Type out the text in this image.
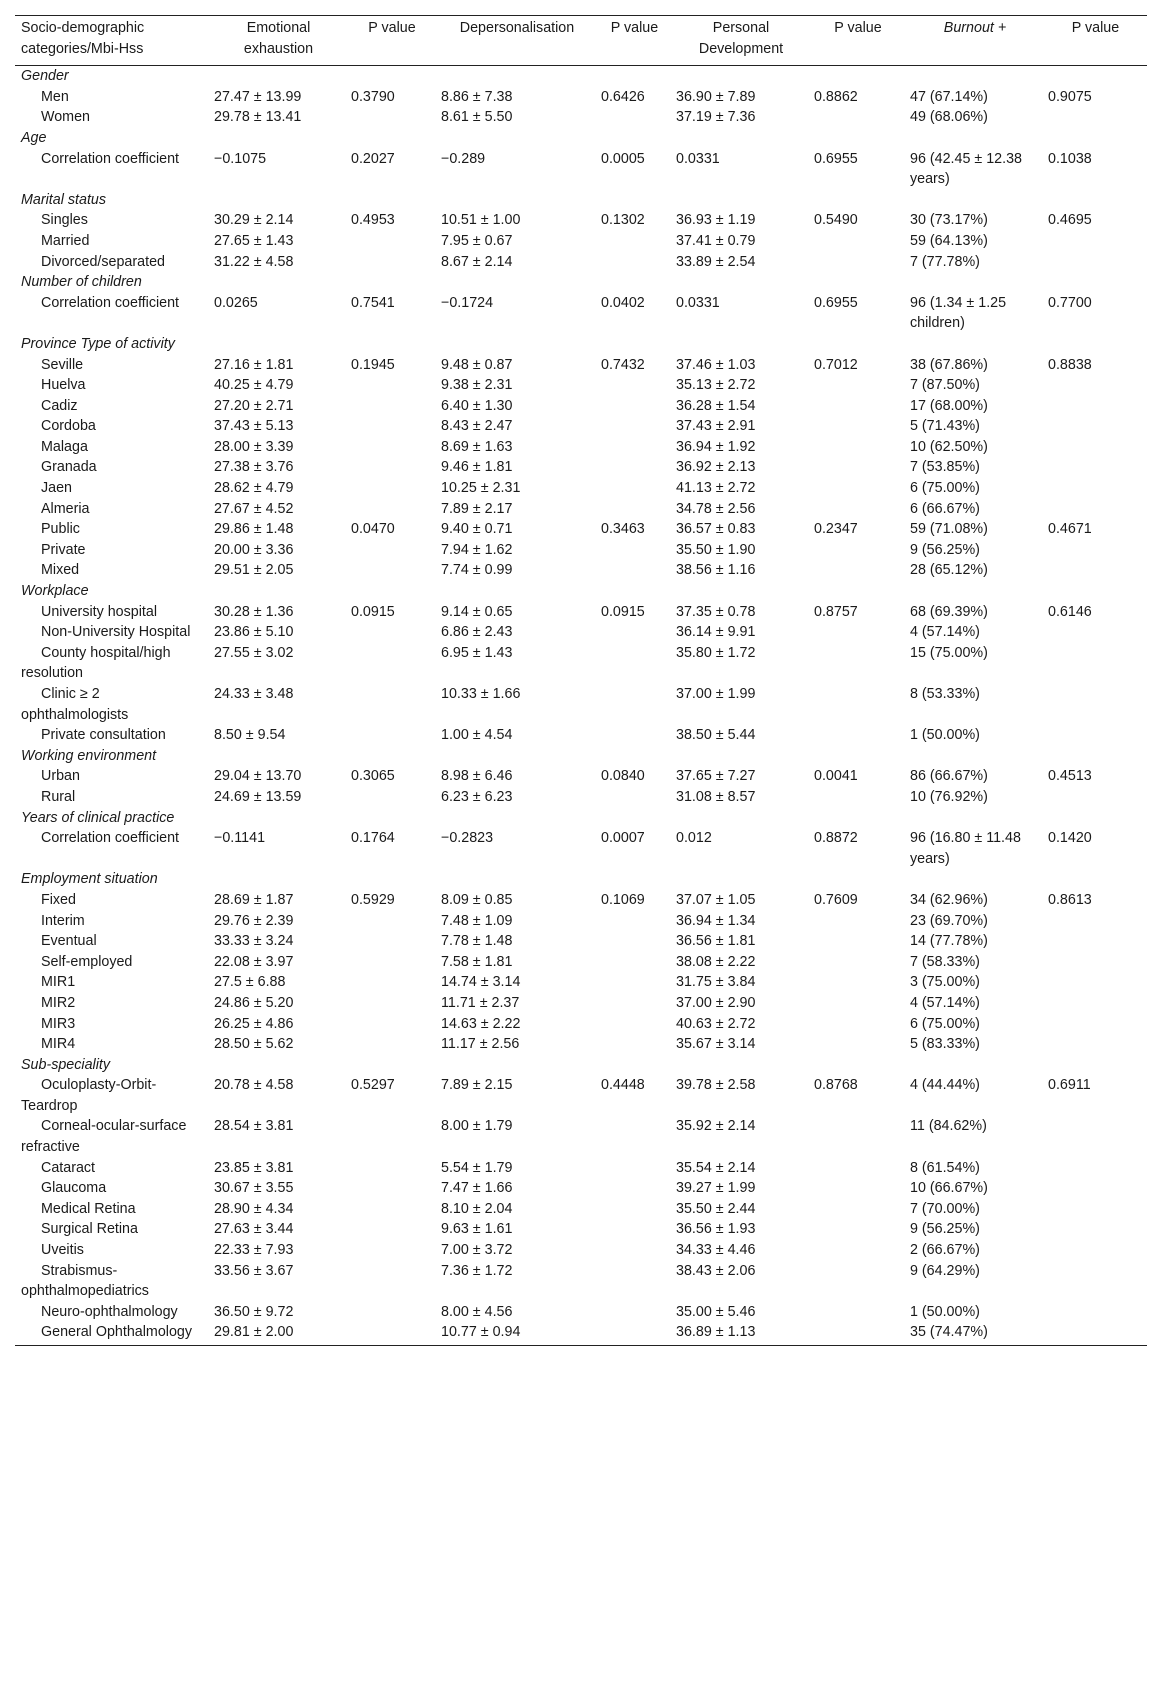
Socio-demographic categories/Mbi-Hss	Emotional exhaustion	P value	Depersonalisation	P value	Personal Development	P value	Burnout +	P value
Gender								
Men	27.47 ± 13.99	0.3790	8.86 ± 7.38	0.6426	36.90 ± 7.89	0.8862	47 (67.14%)	0.9075
Women	29.78 ± 13.41		8.61 ± 5.50		37.19 ± 7.36		49 (68.06%)	
Age								
Correlation coefficient	−0.1075	0.2027	−0.289	0.0005	0.0331	0.6955	96 (42.45 ± 12.38 years)	0.1038
Marital status								
Singles	30.29 ± 2.14	0.4953	10.51 ± 1.00	0.1302	36.93 ± 1.19	0.5490	30 (73.17%)	0.4695
Married	27.65 ± 1.43		7.95 ± 0.67		37.41 ± 0.79		59 (64.13%)	
Divorced/separated	31.22 ± 4.58		8.67 ± 2.14		33.89 ± 2.54		7 (77.78%)	
Number of children								
Correlation coefficient	0.0265	0.7541	−0.1724	0.0402	0.0331	0.6955	96 (1.34 ± 1.25 children)	0.7700
Province Type of activity								
Seville	27.16 ± 1.81	0.1945	9.48 ± 0.87	0.7432	37.46 ± 1.03	0.7012	38 (67.86%)	0.8838
Huelva	40.25 ± 4.79		9.38 ± 2.31		35.13 ± 2.72		7 (87.50%)	
Cadiz	27.20 ± 2.71		6.40 ± 1.30		36.28 ± 1.54		17 (68.00%)	
Cordoba	37.43 ± 5.13		8.43 ± 2.47		37.43 ± 2.91		5 (71.43%)	
Malaga	28.00 ± 3.39		8.69 ± 1.63		36.94 ± 1.92		10 (62.50%)	
Granada	27.38 ± 3.76		9.46 ± 1.81		36.92 ± 2.13		7 (53.85%)	
Jaen	28.62 ± 4.79		10.25 ± 2.31		41.13 ± 2.72		6 (75.00%)	
Almeria	27.67 ± 4.52		7.89 ± 2.17		34.78 ± 2.56		6 (66.67%)	
Public	29.86 ± 1.48	0.0470	9.40 ± 0.71	0.3463	36.57 ± 0.83	0.2347	59 (71.08%)	0.4671
Private	20.00 ± 3.36		7.94 ± 1.62		35.50 ± 1.90		9 (56.25%)	
Mixed	29.51 ± 2.05		7.74 ± 0.99		38.56 ± 1.16		28 (65.12%)	
Workplace								
University hospital	30.28 ± 1.36	0.0915	9.14 ± 0.65	0.0915	37.35 ± 0.78	0.8757	68 (69.39%)	0.6146
Non-University Hospital	23.86 ± 5.10		6.86 ± 2.43		36.14 ± 9.91		4 (57.14%)	
County hospital/high resolution	27.55 ± 3.02		6.95 ± 1.43		35.80 ± 1.72		15 (75.00%)	
Clinic ≥ 2 ophthalmologists	24.33 ± 3.48		10.33 ± 1.66		37.00 ± 1.99		8 (53.33%)	
Private consultation	8.50 ± 9.54		1.00 ± 4.54		38.50 ± 5.44		1 (50.00%)	
Working environment								
Urban	29.04 ± 13.70	0.3065	8.98 ± 6.46	0.0840	37.65 ± 7.27	0.0041	86 (66.67%)	0.4513
Rural	24.69 ± 13.59		6.23 ± 6.23		31.08 ± 8.57		10 (76.92%)	
Years of clinical practice								
Correlation coefficient	−0.1141	0.1764	−0.2823	0.0007	0.012	0.8872	96 (16.80 ± 11.48 years)	0.1420
Employment situation								
Fixed	28.69 ± 1.87	0.5929	8.09 ± 0.85	0.1069	37.07 ± 1.05	0.7609	34 (62.96%)	0.8613
Interim	29.76 ± 2.39		7.48 ± 1.09		36.94 ± 1.34		23 (69.70%)	
Eventual	33.33 ± 3.24		7.78 ± 1.48		36.56 ± 1.81		14 (77.78%)	
Self-employed	22.08 ± 3.97		7.58 ± 1.81		38.08 ± 2.22		7 (58.33%)	
MIR1	27.5 ± 6.88		14.74 ± 3.14		31.75 ± 3.84		3 (75.00%)	
MIR2	24.86 ± 5.20		11.71 ± 2.37		37.00 ± 2.90		4 (57.14%)	
MIR3	26.25 ± 4.86		14.63 ± 2.22		40.63 ± 2.72		6 (75.00%)	
MIR4	28.50 ± 5.62		11.17 ± 2.56		35.67 ± 3.14		5 (83.33%)	
Sub-speciality								
Oculoplasty-Orbit-Teardrop	20.78 ± 4.58	0.5297	7.89 ± 2.15	0.4448	39.78 ± 2.58	0.8768	4 (44.44%)	0.6911
Corneal-ocular-surface refractive	28.54 ± 3.81		8.00 ± 1.79		35.92 ± 2.14		11 (84.62%)	
Cataract	23.85 ± 3.81		5.54 ± 1.79		35.54 ± 2.14		8 (61.54%)	
Glaucoma	30.67 ± 3.55		7.47 ± 1.66		39.27 ± 1.99		10 (66.67%)	
Medical Retina	28.90 ± 4.34		8.10 ± 2.04		35.50 ± 2.44		7 (70.00%)	
Surgical Retina	27.63 ± 3.44		9.63 ± 1.61		36.56 ± 1.93		9 (56.25%)	
Uveitis	22.33 ± 7.93		7.00 ± 3.72		34.33 ± 4.46		2 (66.67%)	
Strabismus-ophthalmopediatrics	33.56 ± 3.67		7.36 ± 1.72		38.43 ± 2.06		9 (64.29%)	
Neuro-ophthalmology	36.50 ± 9.72		8.00 ± 4.56		35.00 ± 5.46		1 (50.00%)	
General Ophthalmology	29.81 ± 2.00		10.77 ± 0.94		36.89 ± 1.13		35 (74.47%)	
